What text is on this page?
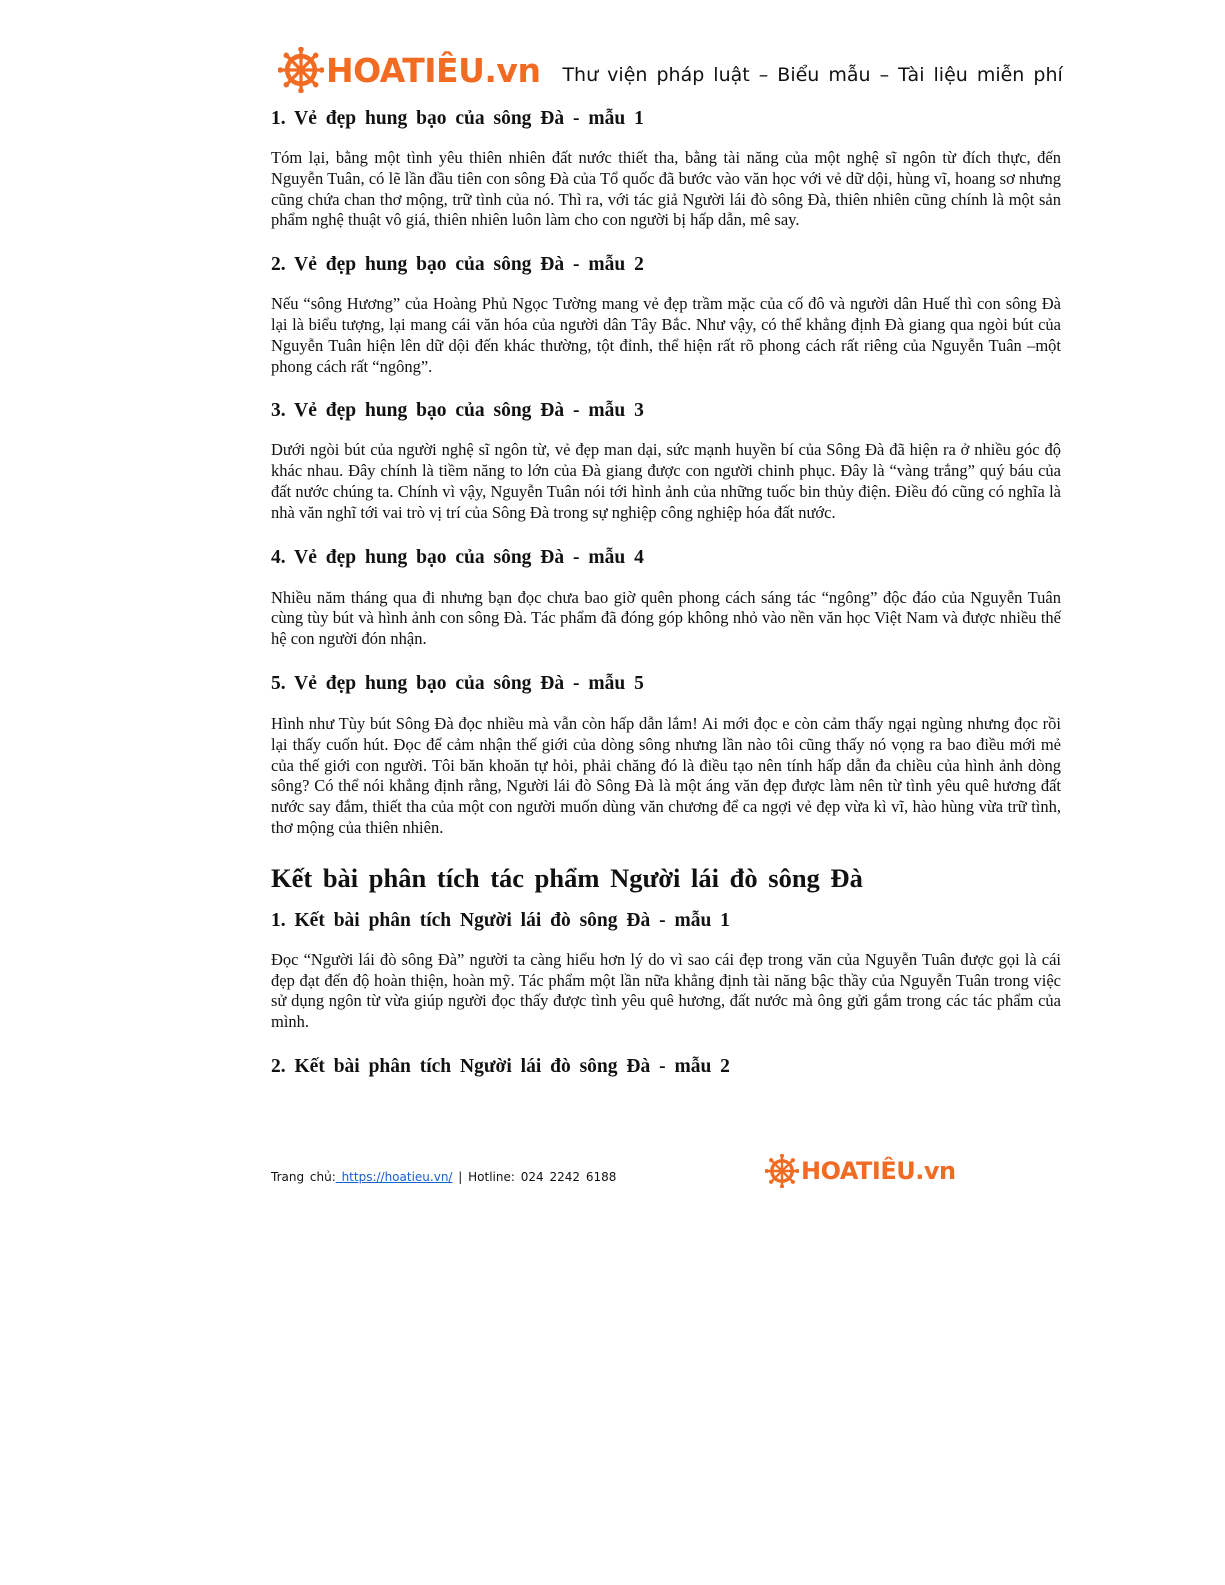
HOATIÊU.vn Thư viện pháp luật – Biểu mẫu – Tài liệu miễn phí
1. Vẻ đẹp hung bạo của sông Đà - mẫu 1

Tóm lại, bằng một tình yêu thiên nhiên đất nước thiết tha, bằng tài năng của một nghệ sĩ ngôn từ đích thực, đến Nguyễn Tuân, có lẽ lần đầu tiên con sông Đà của Tổ quốc đã bước vào văn học với vẻ dữ dội, hùng vĩ, hoang sơ nhưng cũng chứa chan thơ mộng, trữ tình của nó. Thì ra, với tác giả Người lái đò sông Đà, thiên nhiên cũng chính là một sản phẩm nghệ thuật vô giá, thiên nhiên luôn làm cho con người bị hấp dẫn, mê say.

2. Vẻ đẹp hung bạo của sông Đà - mẫu 2

Nếu “sông Hương” của Hoàng Phủ Ngọc Tường mang vẻ đẹp trầm mặc của cố đô và người dân Huế thì con sông Đà lại là biểu tượng, lại mang cái văn hóa của người dân Tây Bắc. Như vậy, có thể khẳng định Đà giang qua ngòi bút của Nguyễn Tuân hiện lên dữ dội đến khác thường, tột đỉnh, thể hiện rất rõ phong cách rất riêng của Nguyễn Tuân –một phong cách rất “ngông”.

3. Vẻ đẹp hung bạo của sông Đà - mẫu 3

Dưới ngòi bút của người nghệ sĩ ngôn từ, vẻ đẹp man dại, sức mạnh huyền bí của Sông Đà đã hiện ra ở nhiều góc độ khác nhau. Đây chính là tiềm năng to lớn của Đà giang được con người chinh phục. Đây là “vàng trắng” quý báu của đất nước chúng ta. Chính vì vậy, Nguyễn Tuân nói tới hình ảnh của những tuốc bin thủy điện. Điều đó cũng có nghĩa là nhà văn nghĩ tới vai trò vị trí của Sông Đà trong sự nghiệp công nghiệp hóa đất nước.

4. Vẻ đẹp hung bạo của sông Đà - mẫu 4

Nhiều năm tháng qua đi nhưng bạn đọc chưa bao giờ quên phong cách sáng tác “ngông” độc đáo của Nguyễn Tuân cùng tùy bút và hình ảnh con sông Đà. Tác phẩm đã đóng góp không nhỏ vào nền văn học Việt Nam và được nhiều thế hệ con người đón nhận.

5. Vẻ đẹp hung bạo của sông Đà - mẫu 5

Hình như Tùy bút Sông Đà đọc nhiều mà vẫn còn hấp dẫn lắm! Ai mới đọc e còn cảm thấy ngại ngùng nhưng đọc rồi lại thấy cuốn hút. Đọc để cảm nhận thế giới của dòng sông nhưng lần nào tôi cũng thấy nó vọng ra bao điều mới mẻ của thế giới con người. Tôi băn khoăn tự hỏi, phải chăng đó là điều tạo nên tính hấp dẫn đa chiều của hình ảnh dòng sông? Có thể nói khẳng định rằng, Người lái đò Sông Đà là một áng văn đẹp được làm nên từ tình yêu quê hương đất nước say đắm, thiết tha của một con người muốn dùng văn chương để ca ngợi vẻ đẹp vừa kì vĩ, hào hùng vừa trữ tình, thơ mộng của thiên nhiên.

Kết bài phân tích tác phẩm Người lái đò sông Đà
1. Kết bài phân tích Người lái đò sông Đà - mẫu 1

Đọc “Người lái đò sông Đà” người ta càng hiểu hơn lý do vì sao cái đẹp trong văn của Nguyễn Tuân được gọi là cái đẹp đạt đến độ hoàn thiện, hoàn mỹ. Tác phẩm một lần nữa khẳng định tài năng bậc thầy của Nguyễn Tuân trong việc sử dụng ngôn từ vừa giúp người đọc thấy được tình yêu quê hương, đất nước mà ông gửi gắm trong các tác phẩm của mình.

2. Kết bài phân tích Người lái đò sông Đà - mẫu 2
Trang chủ: https://hoatieu.vn/ | Hotline: 024 2242 6188	HOATIÊU.vn
